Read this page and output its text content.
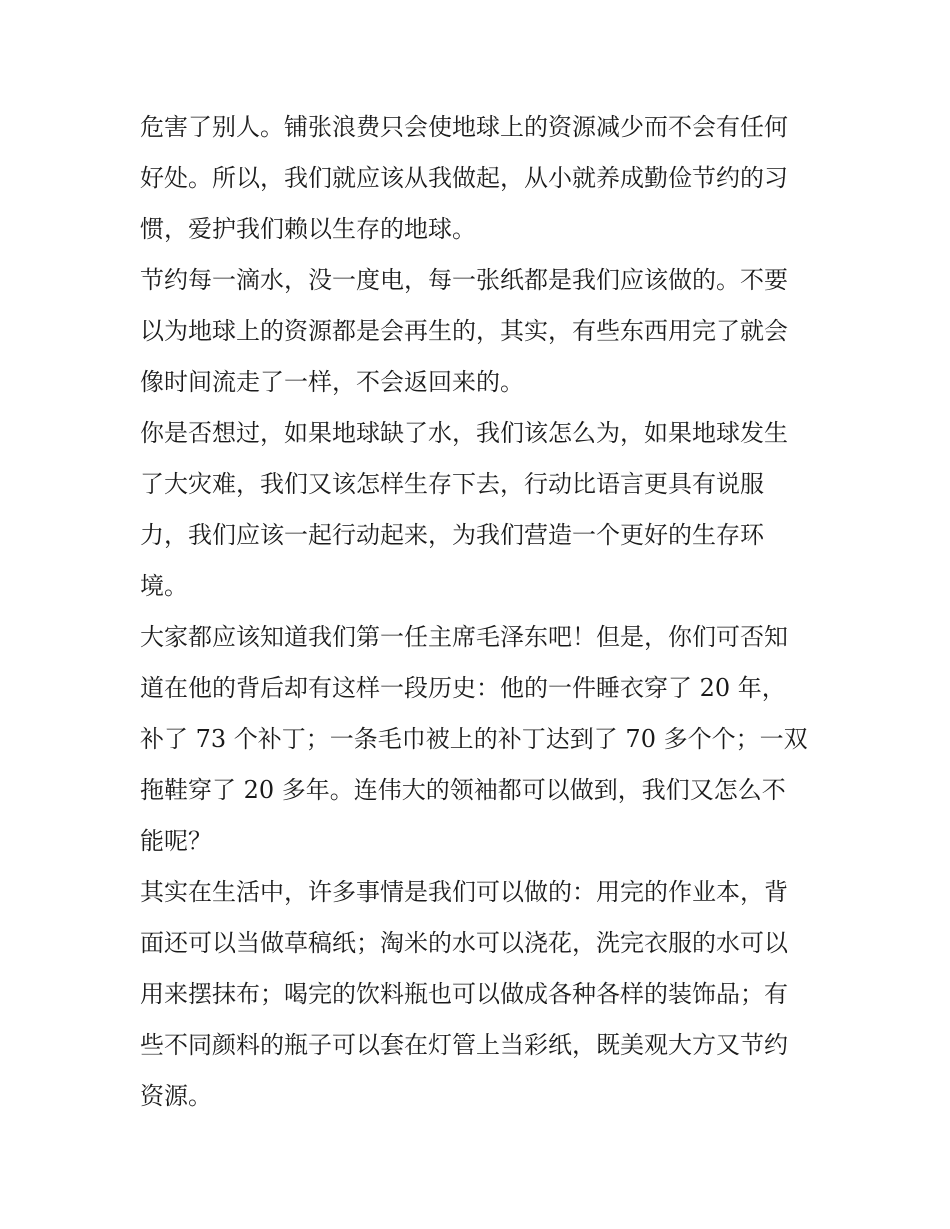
危害了别人。铺张浪费只会使地球上的资源减少而不会有任何
好处。所以，我们就应该从我做起，从小就养成勤俭节约的习
惯，爱护我们赖以生存的地球。
节约每一滴水，没一度电，每一张纸都是我们应该做的。不要
以为地球上的资源都是会再生的，其实，有些东西用完了就会
像时间流走了一样，不会返回来的。
你是否想过，如果地球缺了水，我们该怎么为，如果地球发生
了大灾难，我们又该怎样生存下去，行动比语言更具有说服
力，我们应该一起行动起来，为我们营造一个更好的生存环
境。
大家都应该知道我们第一任主席毛泽东吧！但是，你们可否知
道在他的背后却有这样一段历史：他的一件睡衣穿了 20 年，
补了 73 个补丁；一条毛巾被上的补丁达到了 70 多个个；一双
拖鞋穿了 20 多年。连伟大的领袖都可以做到，我们又怎么不
能呢？
其实在生活中，许多事情是我们可以做的：用完的作业本，背
面还可以当做草稿纸；淘米的水可以浇花，洗完衣服的水可以
用来摆抹布；喝完的饮料瓶也可以做成各种各样的装饰品；有
些不同颜料的瓶子可以套在灯管上当彩纸，既美观大方又节约
资源。
